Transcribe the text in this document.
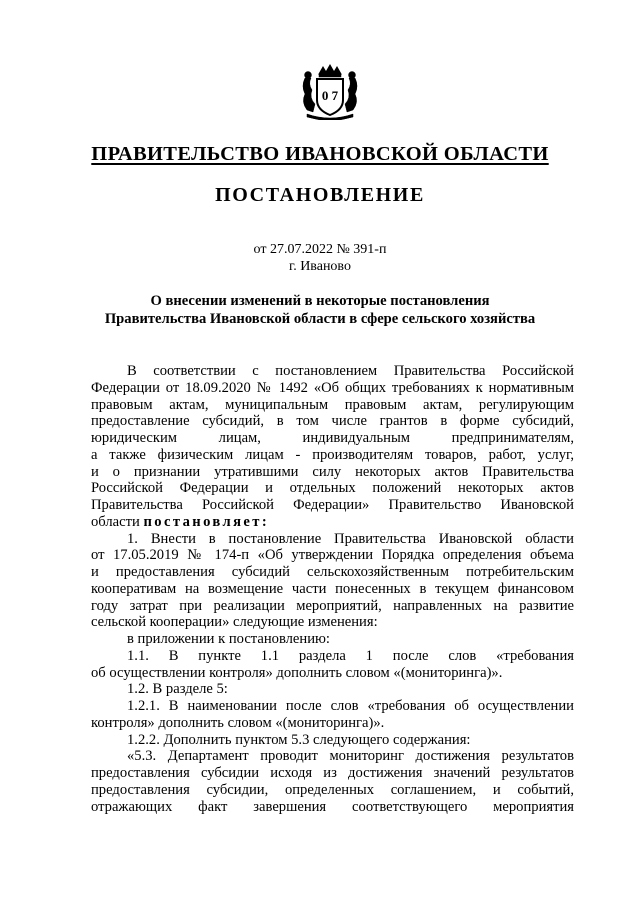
0 7
ПРАВИТЕЛЬСТВО ИВАНОВСКОЙ ОБЛАСТИ
ПОСТАНОВЛЕНИЕ
от 27.07.2022 № 391-п
г. Иваново
О внесении изменений в некоторые постановления
Правительства Ивановской области в сфере сельского хозяйства
В соответствии с постановлением Правительства Российской
Федерации от 18.09.2020 № 1492 «Об общих требованиях к нормативным
правовым актам, муниципальным правовым актам, регулирующим
предоставление субсидий, в том числе грантов в форме субсидий,
юридическим лицам, индивидуальным предпринимателям,
а также физическим лицам - производителям товаров, работ, услуг,
и о признании утратившими силу некоторых актов Правительства
Российской Федерации и отдельных положений некоторых актов
Правительства Российской Федерации» Правительство Ивановской
области постановляет:
1. Внести в постановление Правительства Ивановской области
от 17.05.2019 № 174-п «Об утверждении Порядка определения объема
и предоставления субсидий сельскохозяйственным потребительским
кооперативам на возмещение части понесенных в текущем финансовом
году затрат при реализации мероприятий, направленных на развитие
сельской кооперации» следующие изменения:
в приложении к постановлению:
1.1. В пункте 1.1 раздела 1 после слов «требования
об осуществлении контроля» дополнить словом «(мониторинга)».
1.2. В разделе 5:
1.2.1. В наименовании после слов «требования об осуществлении
контроля» дополнить словом «(мониторинга)».
1.2.2. Дополнить пунктом 5.3 следующего содержания:
«5.3. Департамент проводит мониторинг достижения результатов
предоставления субсидии исходя из достижения значений результатов
предоставления субсидии, определенных соглашением, и событий,
отражающих факт завершения соответствующего мероприятия
